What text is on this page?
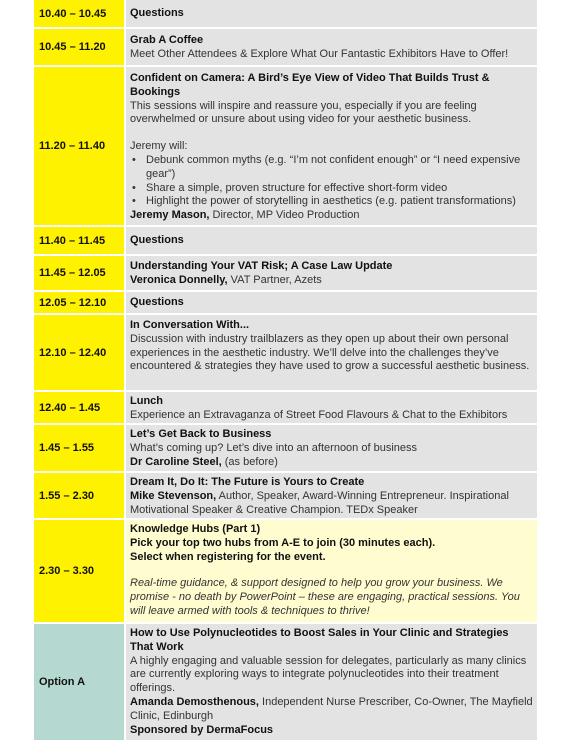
10.40 – 10.45	Questions
10.45 – 11.20
Grab A Coffee
Meet Other Attendees & Explore What Our Fantastic Exhibitors Have to Offer!
11.20 – 11.40
Confident on Camera: A Bird’s Eye View of Video That Builds Trust & Bookings
This sessions will inspire and reassure you, especially if you are feeling overwhelmed or unsure about using video for your aesthetic business.
Jeremy will:
• Debunk common myths (e.g. “I’m not confident enough” or “I need expensive gear”)
• Share a simple, proven structure for effective short-form video
• Highlight the power of storytelling in aesthetics (e.g. patient transformations)
Jeremy Mason, Director, MP Video Production
11.40 – 11.45	Questions
11.45 – 12.05
Understanding Your VAT Risk; A Case Law Update
Veronica Donnelly, VAT Partner, Azets
12.05 – 12.10	Questions
12.10 – 12.40
In Conversation With...
Discussion with industry trailblazers as they open up about their own personal experiences in the aesthetic industry. We’ll delve into the challenges they’ve encountered & strategies they have used to grow a successful aesthetic business.
12.40 – 1.45
Lunch
Experience an Extravaganza of Street Food Flavours & Chat to the Exhibitors
1.45 – 1.55
Let’s Get Back to Business
What’s coming up? Let’s dive into an afternoon of business
Dr Caroline Steel, (as before)
1.55 – 2.30
Dream It, Do It: The Future is Yours to Create
Mike Stevenson, Author, Speaker, Award-Winning Entrepreneur. Inspirational Motivational Speaker & Creative Champion. TEDx Speaker
2.30 – 3.30
Knowledge Hubs (Part 1)
Pick your top two hubs from A-E to join (30 minutes each).
Select when registering for the event.
Real-time guidance, & support designed to help you grow your business. We promise - no death by PowerPoint – these are engaging, practical sessions. You will leave armed with tools & techniques to thrive!
Option A
How to Use Polynucleotides to Boost Sales in Your Clinic and Strategies That Work
A highly engaging and valuable session for delegates, particularly as many clinics are currently exploring ways to integrate polynucleotides into their treatment offerings.
Amanda Demosthenous, Independent Nurse Prescriber, Co-Owner, The Mayfield Clinic, Edinburgh
Sponsored by DermaFocus
